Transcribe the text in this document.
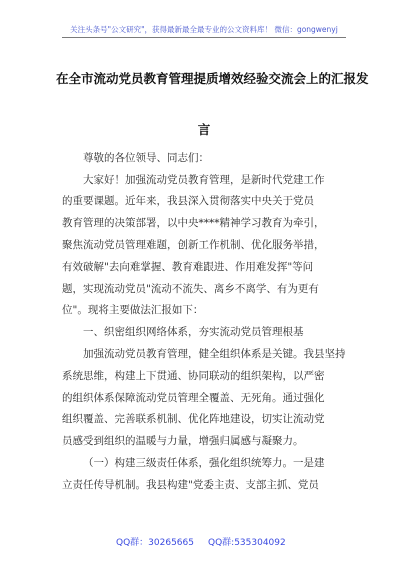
关注头条号"公文研究"，获得最新最全最专业的公文资料库！ 微信：gongwenyj
在全市流动党员教育管理提质增效经验交流会上的汇报发
言
尊敬的各位领导、同志们：
大家好！加强流动党员教育管理，是新时代党建工作
的重要课题。近年来，我县深入贯彻落实中央关于党员
教育管理的决策部署，以中央****精神学习教育为牵引，
聚焦流动党员管理难题，创新工作机制、优化服务举措，
有效破解"去向难掌握、教育难跟进、作用难发挥"等问
题，实现流动党员"流动不流失、离乡不离学、有为更有
位"。现将主要做法汇报如下：
一、织密组织网络体系，夯实流动党员管理根基
加强流动党员教育管理，健全组织体系是关键。我县坚持
系统思维，构建上下贯通、协同联动的组织架构，以严密
的组织体系保障流动党员管理全覆盖、无死角。通过强化
组织覆盖、完善联系机制、优化阵地建设，切实让流动党
员感受到组织的温暖与力量，增强归属感与凝聚力。
（一）构建三级责任体系，强化组织统筹力。一是建
立责任传导机制。我县构建"党委主责、支部主抓、党员
QQ群：30265665 QQ群:535304092
